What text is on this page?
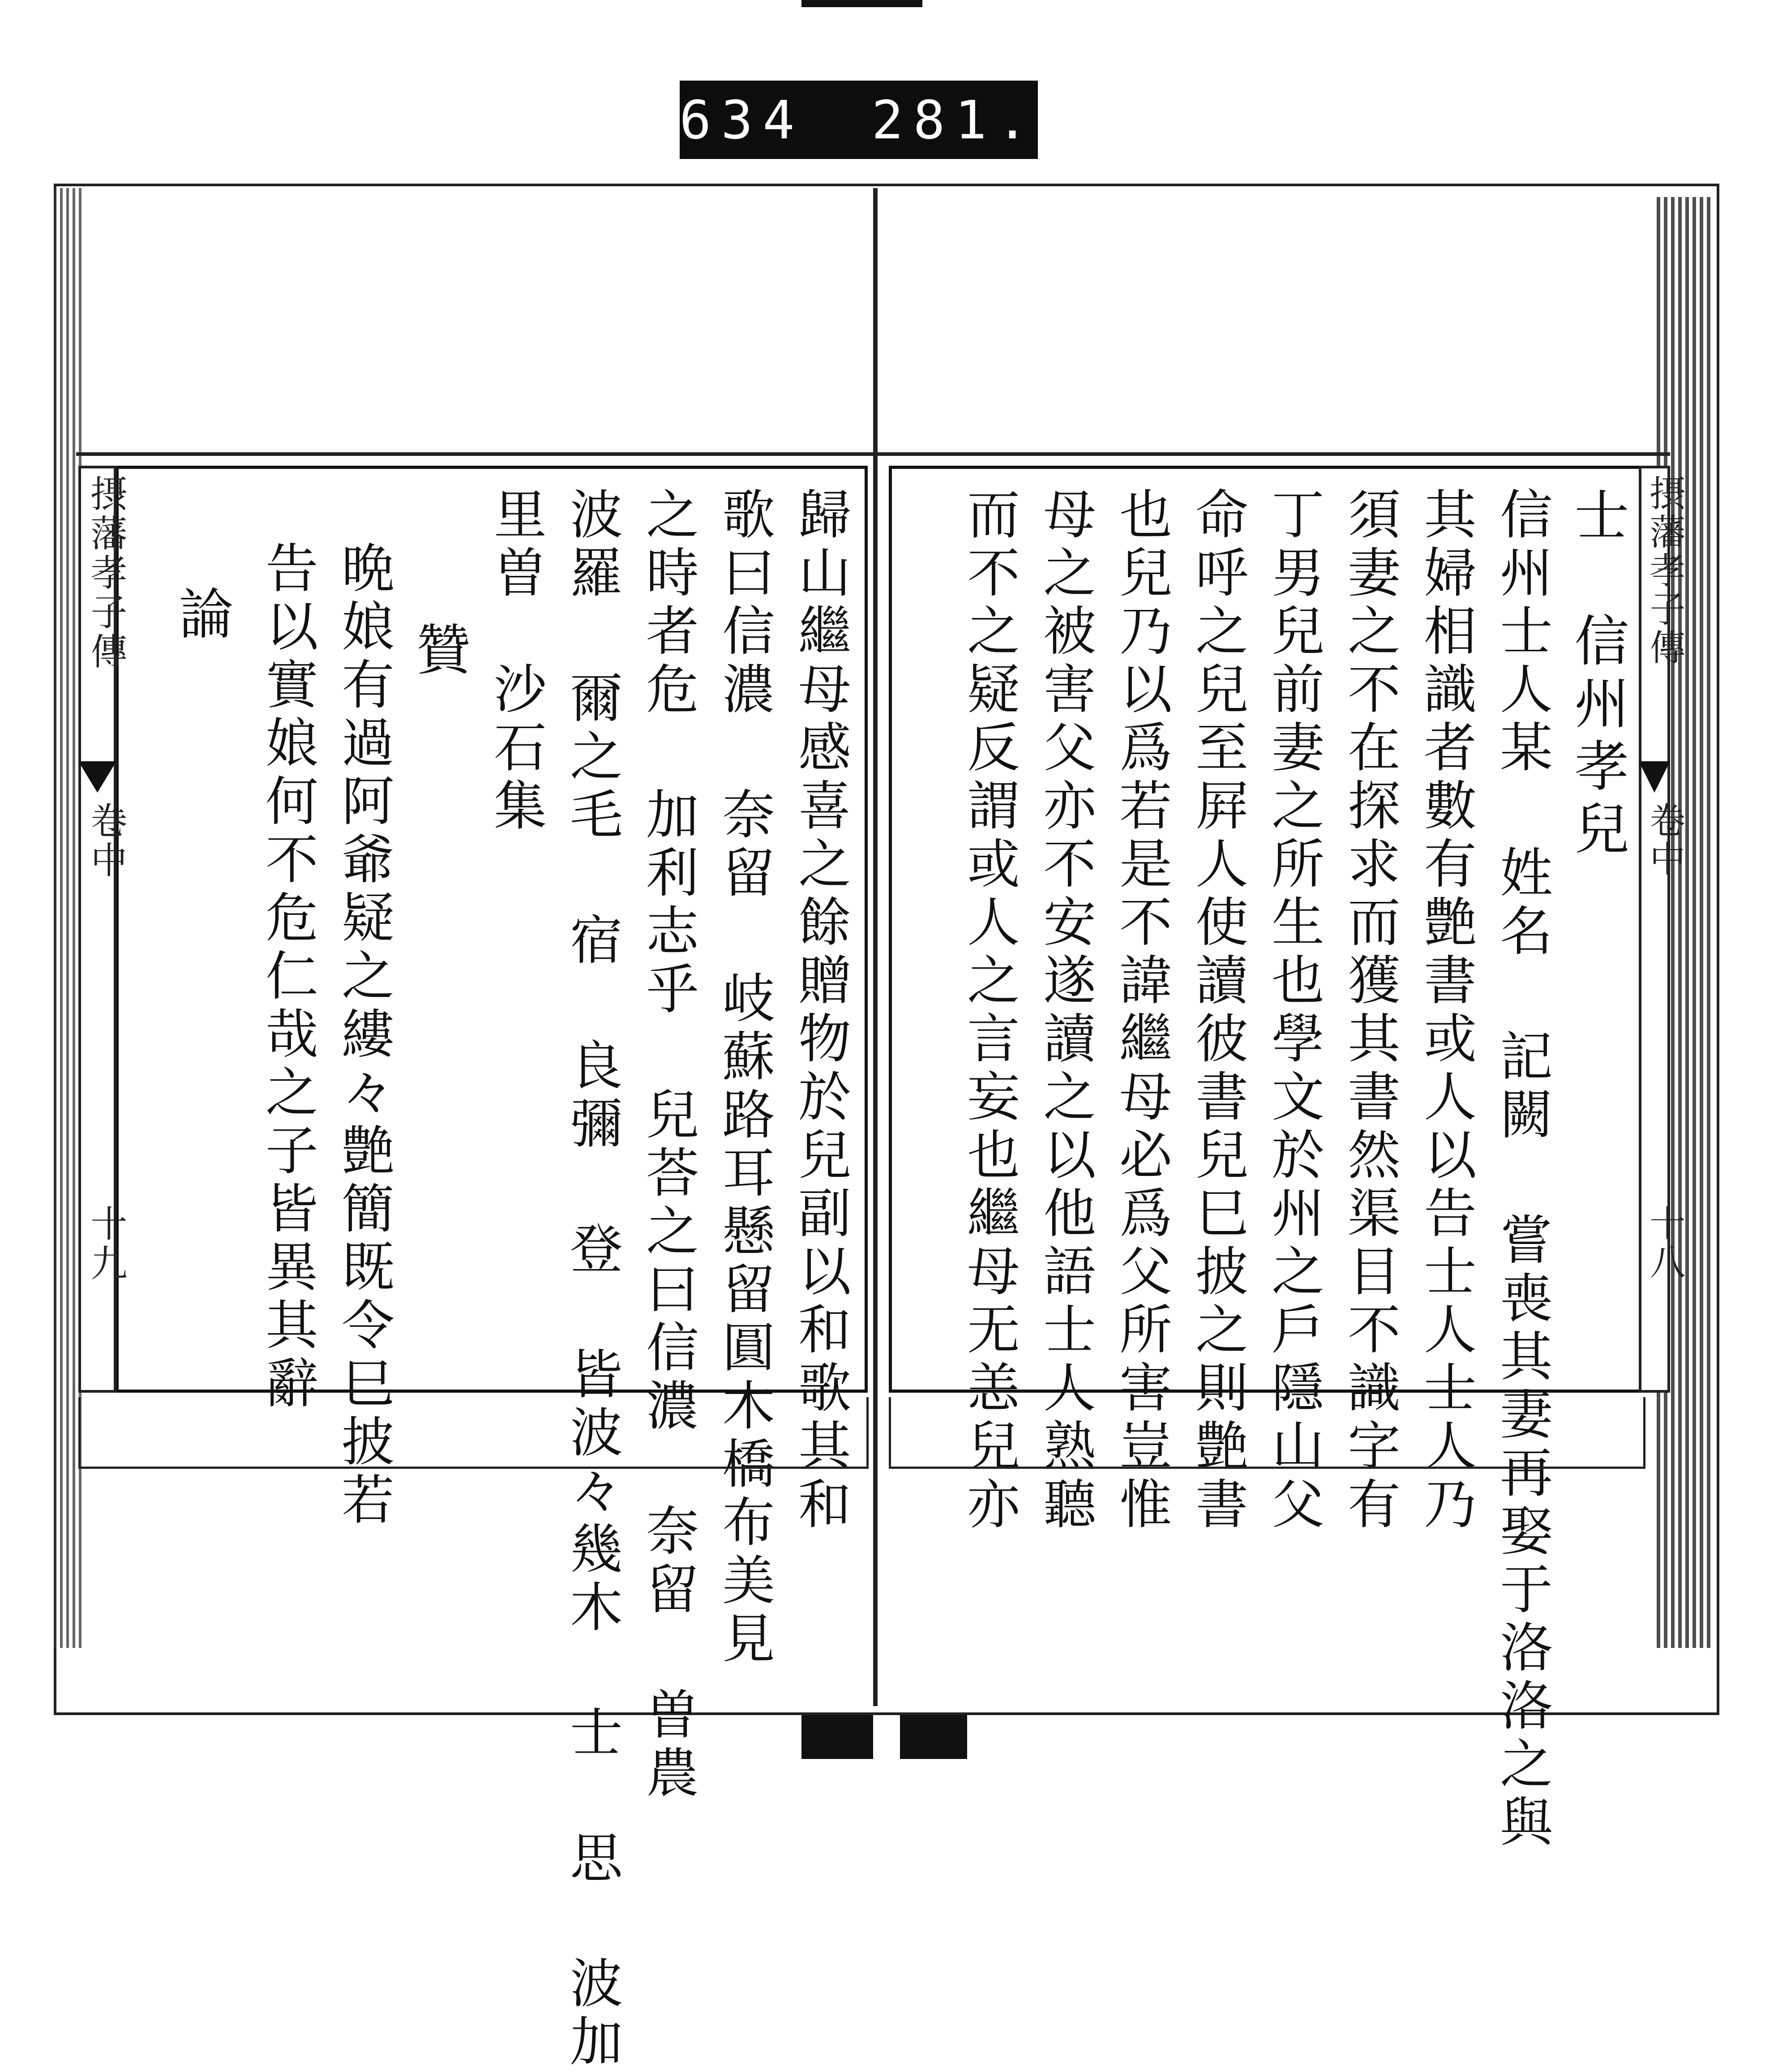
634 281.
士　信州孝兒
信州士人某 姓名 記闕 嘗喪其妻再娶于洛洛之與
其婦相識者數有艶書或人以告士人士人乃
須妻之不在探求而獲其書然渠目不識字有
丁男兒前妻之所生也學文於州之戶隱山父
命呼之兒至屛人使讀彼書兒巳披之則艶書
也兒乃以爲若是不諱繼母必爲父所害豈惟
母之被害父亦不安遂讀之以他語士人熟聽
而不之疑反謂或人之言妄也繼母无恙兒亦	摂藩孝子傳
卷中
十八
歸山繼母感喜之餘贈物於兒副以和歌其和
歌曰信濃 奈留 岐蘇路耳懸留圓木橋布美見
之時者危 加利志乎 兒荅之曰信濃 奈留 曽農
波羅 爾之毛 宿 良彌 登 皆波々幾木 士 思 波加
里曽　沙石集
　贊
晩娘有過阿爺疑之縷々艶簡既令巳披若
告以實娘何不危仁哉之子皆異其辭
論
摂藩孝子傳
卷中
十九
